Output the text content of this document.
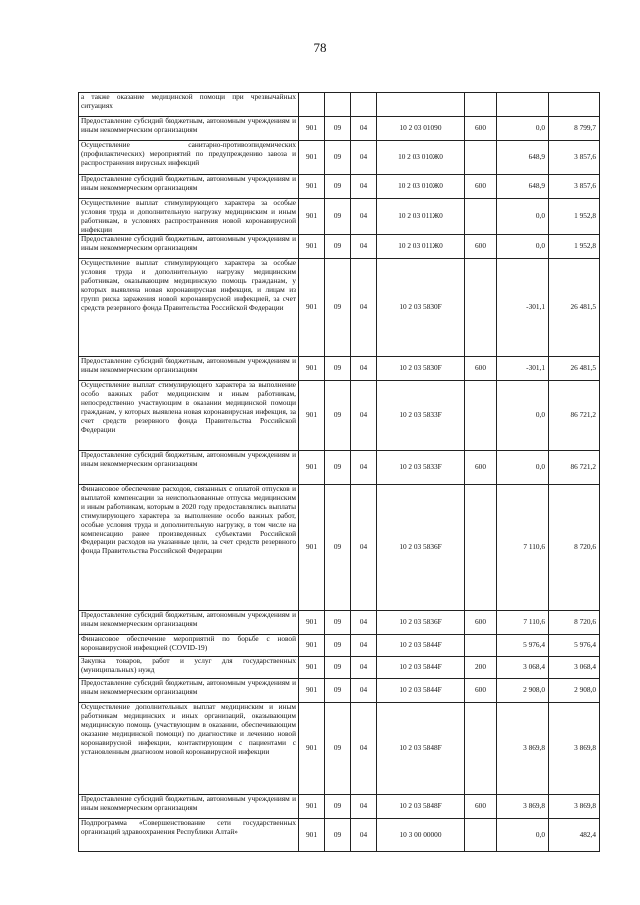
78
а также оказание медицинской помощи при чрезвычайных ситуациях							
Предоставление субсидий бюджетным, автономным учреждениям и иным некоммерческим организациям	901	09	04	10 2 03 01090	600	0,0	8 799,7
Осуществление санитарно-противоэпидемических (профилактических) мероприятий по предупреждению завоза и распространения вирусных инфекций	901	09	04	10 2 03 010Ж0		648,9	3 857,6
Предоставление субсидий бюджетным, автономным учреждениям и иным некоммерческим организациям	901	09	04	10 2 03 010Ж0	600	648,9	3 857,6
Осуществление выплат стимулирующего характера за особые условия труда и дополнительную нагрузку медицинским и иным работникам, в условиях распространения новой коронавирусной инфекции	901	09	04	10 2 03 011Ж0		0,0	1 952,8
Предоставление субсидий бюджетным, автономным учреждениям и иным некоммерческим организациям	901	09	04	10 2 03 011Ж0	600	0,0	1 952,8
Осуществление выплат стимулирующего характера за особые условия труда и дополнительную нагрузку медицинским работникам, оказывающим медицинскую помощь гражданам, у которых выявлена новая коронавирусная инфекция, и лицам из групп риска заражения новой коронавирусной инфекцией, за счет средств резервного фонда Правительства Российской Федерации	901	09	04	10 2 03 5830F		-301,1	26 481,5
Предоставление субсидий бюджетным, автономным учреждениям и иным некоммерческим организациям	901	09	04	10 2 03 5830F	600	-301,1	26 481,5
Осуществление выплат стимулирующего характера за выполнение особо важных работ медицинским и иным работникам, непосредственно участвующим в оказании медицинской помощи гражданам, у которых выявлена новая коронавирусная инфекция, за счет средств резервного фонда Правительства Российской Федерации	901	09	04	10 2 03 5833F		0,0	86 721,2
Предоставление субсидий бюджетным, автономным учреждениям и иным некоммерческим организациям	901	09	04	10 2 03 5833F	600	0,0	86 721,2
Финансовое обеспечение расходов, связанных с оплатой отпусков и выплатой компенсации за неиспользованные отпуска медицинским и иным работникам, которым в 2020 году предоставлялись выплаты стимулирующего характера за выполнение особо важных работ, особые условия труда и дополнительную нагрузку, в том числе на компенсацию ранее произведенных субъектами Российской Федерации расходов на указанные цели, за счет средств резервного фонда Правительства Российской Федерации	901	09	04	10 2 03 5836F		7 110,6	8 720,6
Предоставление субсидий бюджетным, автономным учреждениям и иным некоммерческим организациям	901	09	04	10 2 03 5836F	600	7 110,6	8 720,6
Финансовое обеспечение мероприятий по борьбе с новой коронавирусной инфекцией (COVID-19)	901	09	04	10 2 03 5844F		5 976,4	5 976,4
Закупка товаров, работ и услуг для государственных (муниципальных) нужд	901	09	04	10 2 03 5844F	200	3 068,4	3 068,4
Предоставление субсидий бюджетным, автономным учреждениям и иным некоммерческим организациям	901	09	04	10 2 03 5844F	600	2 908,0	2 908,0
Осуществление дополнительных выплат медицинским и иным работникам медицинских и иных организаций, оказывающим медицинскую помощь (участвующим в оказании, обеспечивающим оказание медицинской помощи) по диагностике и лечению новой коронавирусной инфекции, контактирующим с пациентами с установленным диагнозом новой коронавирусной инфекции	901	09	04	10 2 03 5848F		3 869,8	3 869,8
Предоставление субсидий бюджетным, автономным учреждениям и иным некоммерческим организациям	901	09	04	10 2 03 5848F	600	3 869,8	3 869,8
Подпрограмма «Совершенствование сети государственных организаций здравоохранения Республики Алтай»	901	09	04	10 3 00 00000		0,0	482,4
